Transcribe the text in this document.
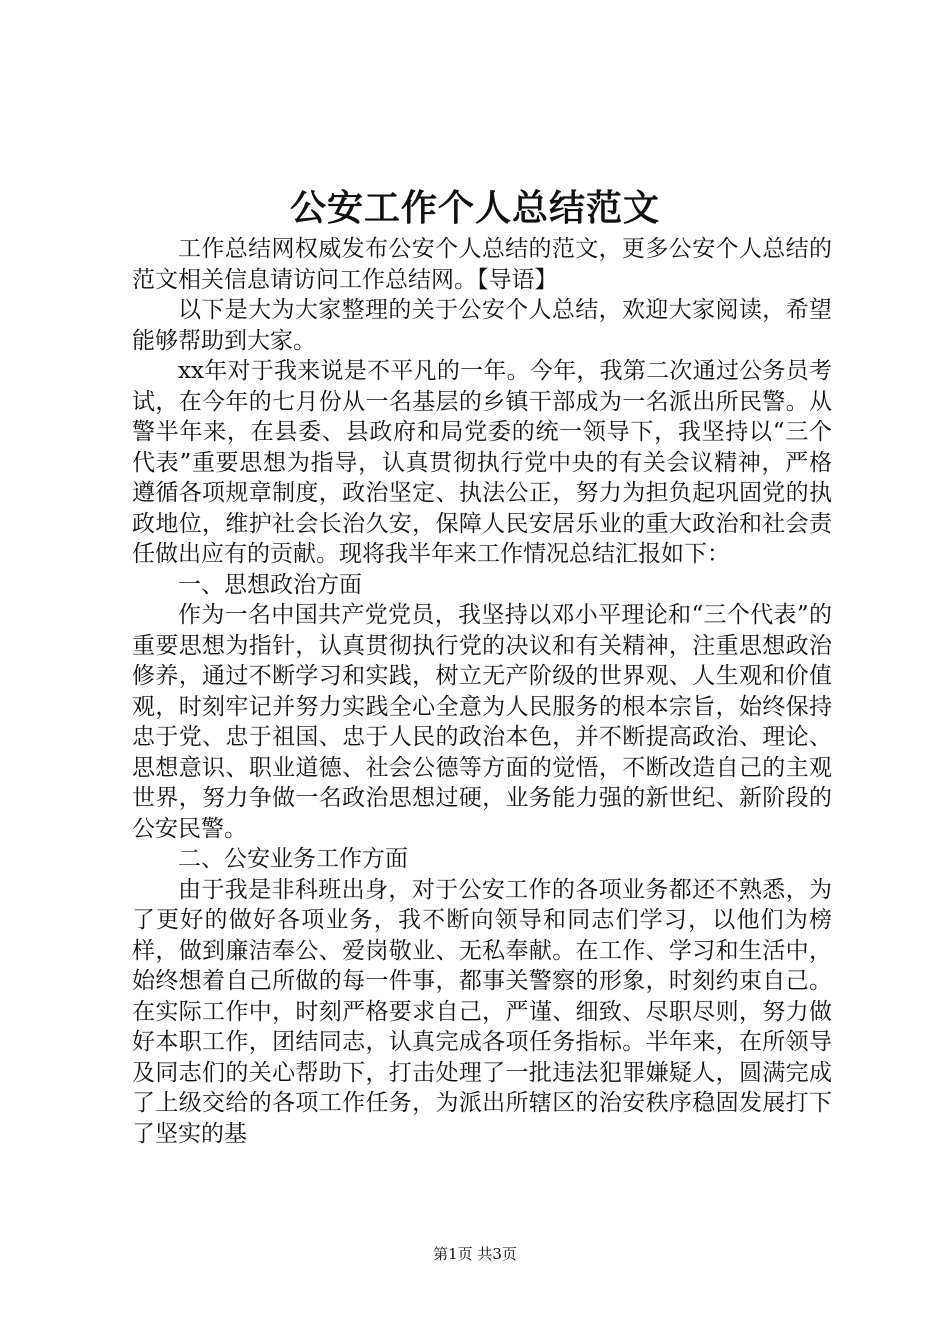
公安工作个人总结范文

工作总结网权威发布公安个人总结的范文，更多公安个人总结的范文相关信息请访问工作总结网。【导语】

以下是大为大家整理的关于公安个人总结，欢迎大家阅读，希望能够帮助到大家。

xx年对于我来说是不平凡的一年。今年，我第二次通过公务员考试，在今年的七月份从一名基层的乡镇干部成为一名派出所民警。从警半年来，在县委、县政府和局党委的统一领导下，我坚持以“三个代表”重要思想为指导，认真贯彻执行党中央的有关会议精神，严格遵循各项规章制度，政治坚定、执法公正，努力为担负起巩固党的执政地位，维护社会长治久安，保障人民安居乐业的重大政治和社会责任做出应有的贡献。现将我半年来工作情况总结汇报如下：

一、思想政治方面

作为一名中国共产党党员，我坚持以邓小平理论和“三个代表”的重要思想为指针，认真贯彻执行党的决议和有关精神，注重思想政治修养，通过不断学习和实践，树立无产阶级的世界观、人生观和价值观，时刻牢记并努力实践全心全意为人民服务的根本宗旨，始终保持忠于党、忠于祖国、忠于人民的政治本色，并不断提高政治、理论、思想意识、职业道德、社会公德等方面的觉悟，不断改造自己的主观世界，努力争做一名政治思想过硬，业务能力强的新世纪、新阶段的公安民警。

二、公安业务工作方面

由于我是非科班出身，对于公安工作的各项业务都还不熟悉，为了更好的做好各项业务，我不断向领导和同志们学习，以他们为榜样，做到廉洁奉公、爱岗敬业、无私奉献。在工作、学习和生活中，始终想着自己所做的每一件事，都事关警察的形象，时刻约束自己。在实际工作中，时刻严格要求自己，严谨、细致、尽职尽则，努力做好本职工作，团结同志，认真完成各项任务指标。半年来，在所领导及同志们的关心帮助下，打击处理了一批违法犯罪嫌疑人，圆满完成了上级交给的各项工作任务，为派出所辖区的治安秩序稳固发展打下了坚实的基

第1页 共3页
